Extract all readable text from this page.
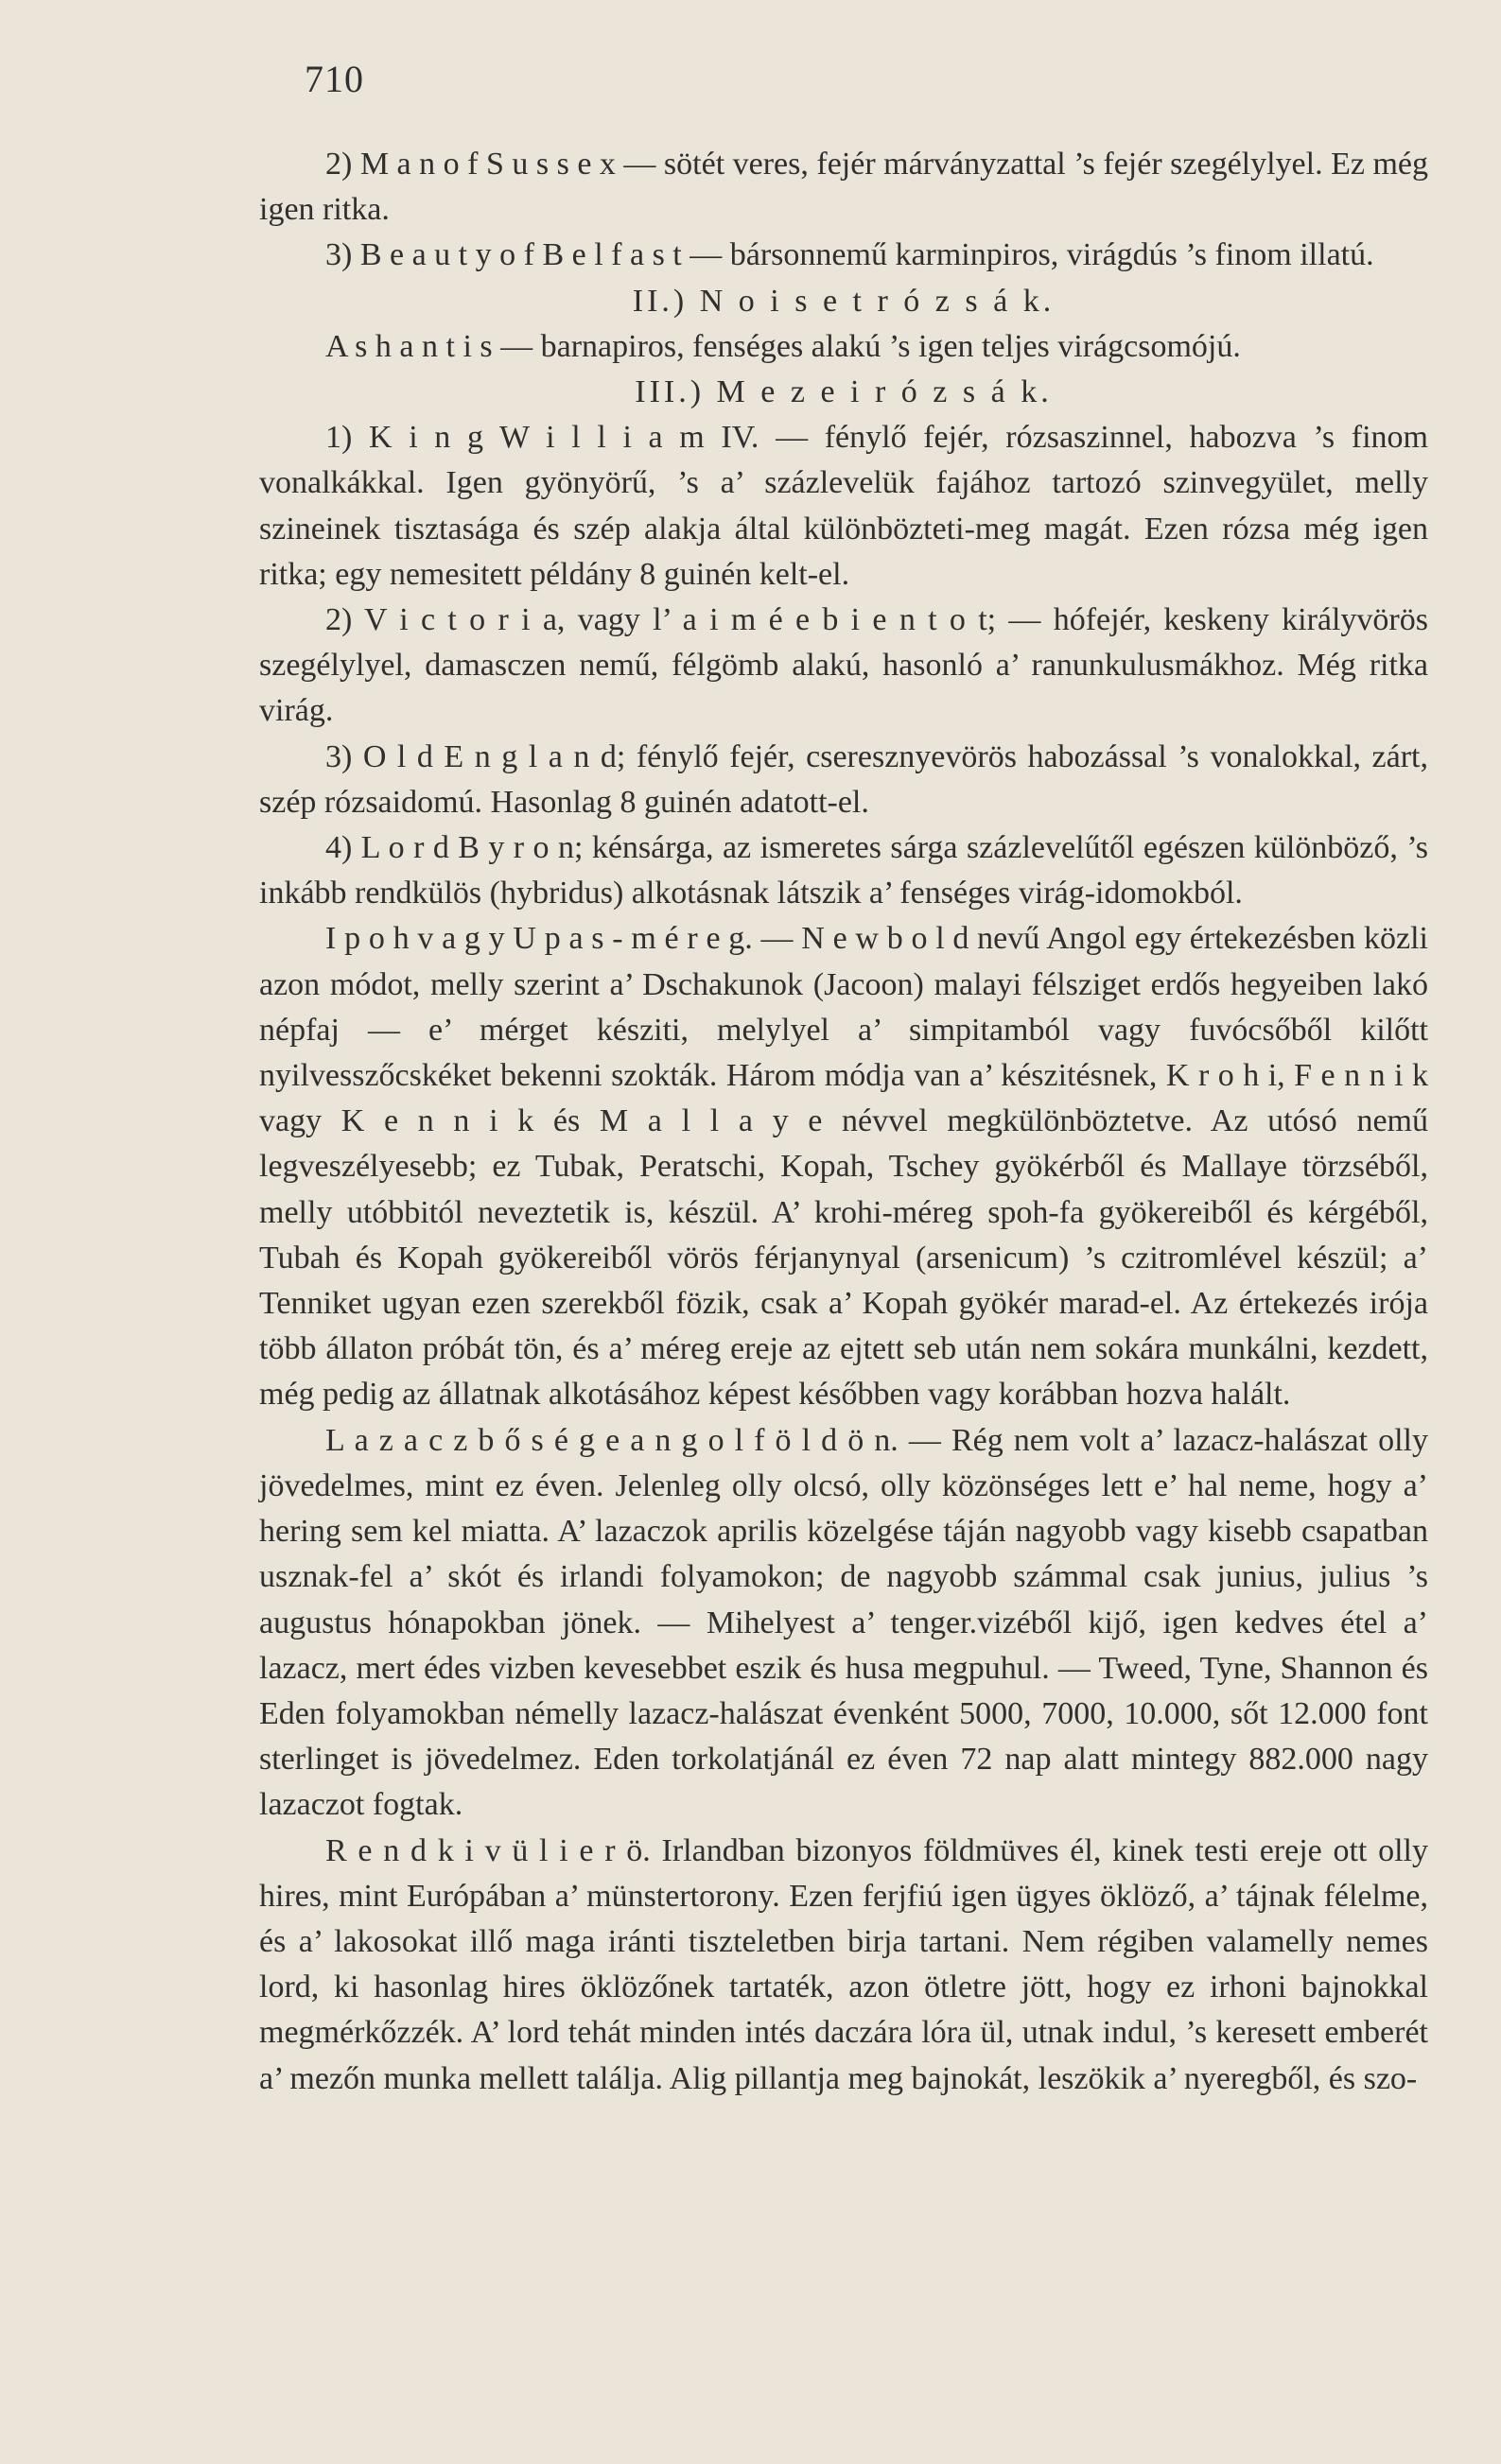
710

2) M a n o f S u s s e x — sötét veres, fejér márványzattal ’s fejér szegélylyel. Ez még igen ritka.

3) B e a u t y o f B e l f a s t — bársonnemű karminpiros, virágdús ’s finom illatú.

II.) N o i s e t r ó z s á k.

A s h a n t i s — barnapiros, fenséges alakú ’s igen teljes virágcsomójú.

III.) M e z e i r ó z s á k.

1) K i n g W i l l i a m IV. — fénylő fejér, rózsaszinnel, habozva ’s finom vonalkákkal. Igen gyönyörű, ’s a’ százlevelük fajához tartozó szinvegyület, melly szineinek tisztasága és szép alakja által különbözteti-meg magát. Ezen rózsa még igen ritka; egy nemesitett példány 8 guinén kelt-el.

2) V i c t o r i a, vagy l’ a i m é e b i e n t o t; — hófejér, keskeny királyvörös szegélylyel, damasczen nemű, félgömb alakú, hasonló a’ ranunkulusmákhoz. Még ritka virág.

3) O l d E n g l a n d; fénylő fejér, cseresznyevörös habozással ’s vonalokkal, zárt, szép rózsaidomú. Hasonlag 8 guinén adatott-el.

4) L o r d B y r o n; kénsárga, az ismeretes sárga százlevelűtől egészen különböző, ’s inkább rendkülös (hybridus) alkotásnak látszik a’ fenséges virág-idomokból.

I p o h v a g y U p a s - m é r e g. — N e w b o l d nevű Angol egy értekezésben közli azon módot, melly szerint a’ Dschakunok (Jacoon) malayi félsziget erdős hegyeiben lakó népfaj — e’ mérget késziti, melylyel a’ simpitamból vagy fuvócsőből kilőtt nyilvesszőcskéket bekenni szokták. Három módja van a’ készitésnek, K r o h i, F e n n i k vagy K e n n i k és M a l l a y e névvel megkülönböztetve. Az utósó nemű legveszélyesebb; ez Tubak, Peratschi, Kopah, Tschey gyökérből és Mallaye törzséből, melly utóbbitól neveztetik is, készül. A’ krohi-méreg spoh-fa gyökereiből és kérgéből, Tubah és Kopah gyökereiből vörös férjanynyal (arsenicum) ’s czitromlével készül; a’ Tenniket ugyan ezen szerekből fözik, csak a’ Kopah gyökér marad-el. Az értekezés irója több állaton próbát tön, és a’ méreg ereje az ejtett seb után nem sokára munkálni, kezdett, még pedig az állatnak alkotásához képest későbben vagy korábban hozva halált.

L a z a c z b ő s é g e a n g o l f ö l d ö n. — Rég nem volt a’ lazacz-halászat olly jövedelmes, mint ez éven. Jelenleg olly olcsó, olly közönséges lett e’ hal neme, hogy a’ hering sem kel miatta. A’ lazaczok aprilis közelgése táján nagyobb vagy kisebb csapatban usznak-fel a’ skót és irlandi folyamokon; de nagyobb számmal csak junius, julius ’s augustus hónapokban jönek. — Mihelyest a’ tenger.vizéből kijő, igen kedves étel a’ lazacz, mert édes vizben kevesebbet eszik és husa megpuhul. — Tweed, Tyne, Shannon és Eden folyamokban némelly lazacz-halászat évenként 5000, 7000, 10.000, sőt 12.000 font sterlinget is jövedelmez. Eden torkolatjánál ez éven 72 nap alatt mintegy 882.000 nagy lazaczot fogtak.

R e n d k i v ü l i e r ö. Irlandban bizonyos földmüves él, kinek testi ereje ott olly hires, mint Európában a’ münstertorony. Ezen ferjfiú igen ügyes öklöző, a’ tájnak félelme, és a’ lakosokat illő maga iránti tiszteletben birja tartani. Nem régiben valamelly nemes lord, ki hasonlag hires öklözőnek tartaték, azon ötletre jött, hogy ez irhoni bajnokkal megmérkőzzék. A’ lord tehát minden intés daczára lóra ül, utnak indul, ’s keresett emberét a’ mezőn munka mellett találja. Alig pillantja meg bajnokát, leszökik a’ nyeregből, és szo-
